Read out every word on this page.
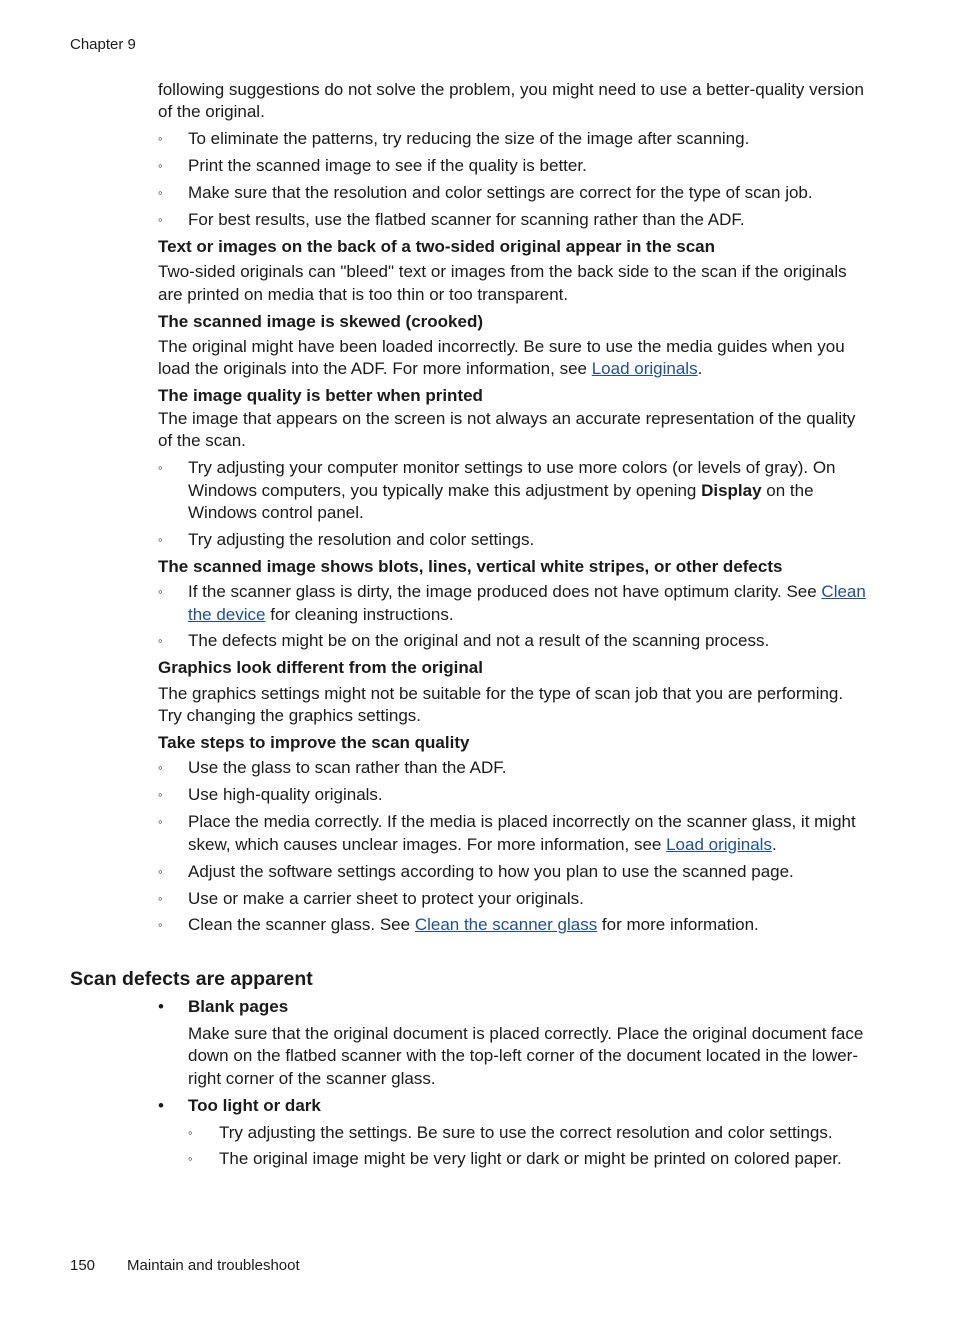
Chapter 9

following suggestions do not solve the problem, you might need to use a better-quality version of the original.

◦ To eliminate the patterns, try reducing the size of the image after scanning.
◦ Print the scanned image to see if the quality is better.
◦ Make sure that the resolution and color settings are correct for the type of scan job.
◦ For best results, use the flatbed scanner for scanning rather than the ADF.
Text or images on the back of a two-sided original appear in the scan

Two-sided originals can "bleed" text or images from the back side to the scan if the originals are printed on media that is too thin or too transparent.

The scanned image is skewed (crooked)

The original might have been loaded incorrectly. Be sure to use the media guides when you load the originals into the ADF. For more information, see Load originals.

The image quality is better when printed

The image that appears on the screen is not always an accurate representation of the quality of the scan.

◦ Try adjusting your computer monitor settings to use more colors (or levels of gray). On Windows computers, you typically make this adjustment by opening Display on the Windows control panel.
◦ Try adjusting the resolution and color settings.
The scanned image shows blots, lines, vertical white stripes, or other defects
◦ If the scanner glass is dirty, the image produced does not have optimum clarity. See Clean the device for cleaning instructions.
◦ The defects might be on the original and not a result of the scanning process.
Graphics look different from the original

The graphics settings might not be suitable for the type of scan job that you are performing. Try changing the graphics settings.

Take steps to improve the scan quality
◦ Use the glass to scan rather than the ADF.
◦ Use high-quality originals.
◦ Place the media correctly. If the media is placed incorrectly on the scanner glass, it might skew, which causes unclear images. For more information, see Load originals.
◦ Adjust the software settings according to how you plan to use the scanned page.
◦ Use or make a carrier sheet to protect your originals.
◦ Clean the scanner glass. See Clean the scanner glass for more information.
Scan defects are apparent
• Blank pages

Make sure that the original document is placed correctly. Place the original document face down on the flatbed scanner with the top-left corner of the document located in the lower-right corner of the scanner glass.

• Too light or dark
◦ Try adjusting the settings. Be sure to use the correct resolution and color settings.
◦ The original image might be very light or dark or might be printed on colored paper.
150 Maintain and troubleshoot
